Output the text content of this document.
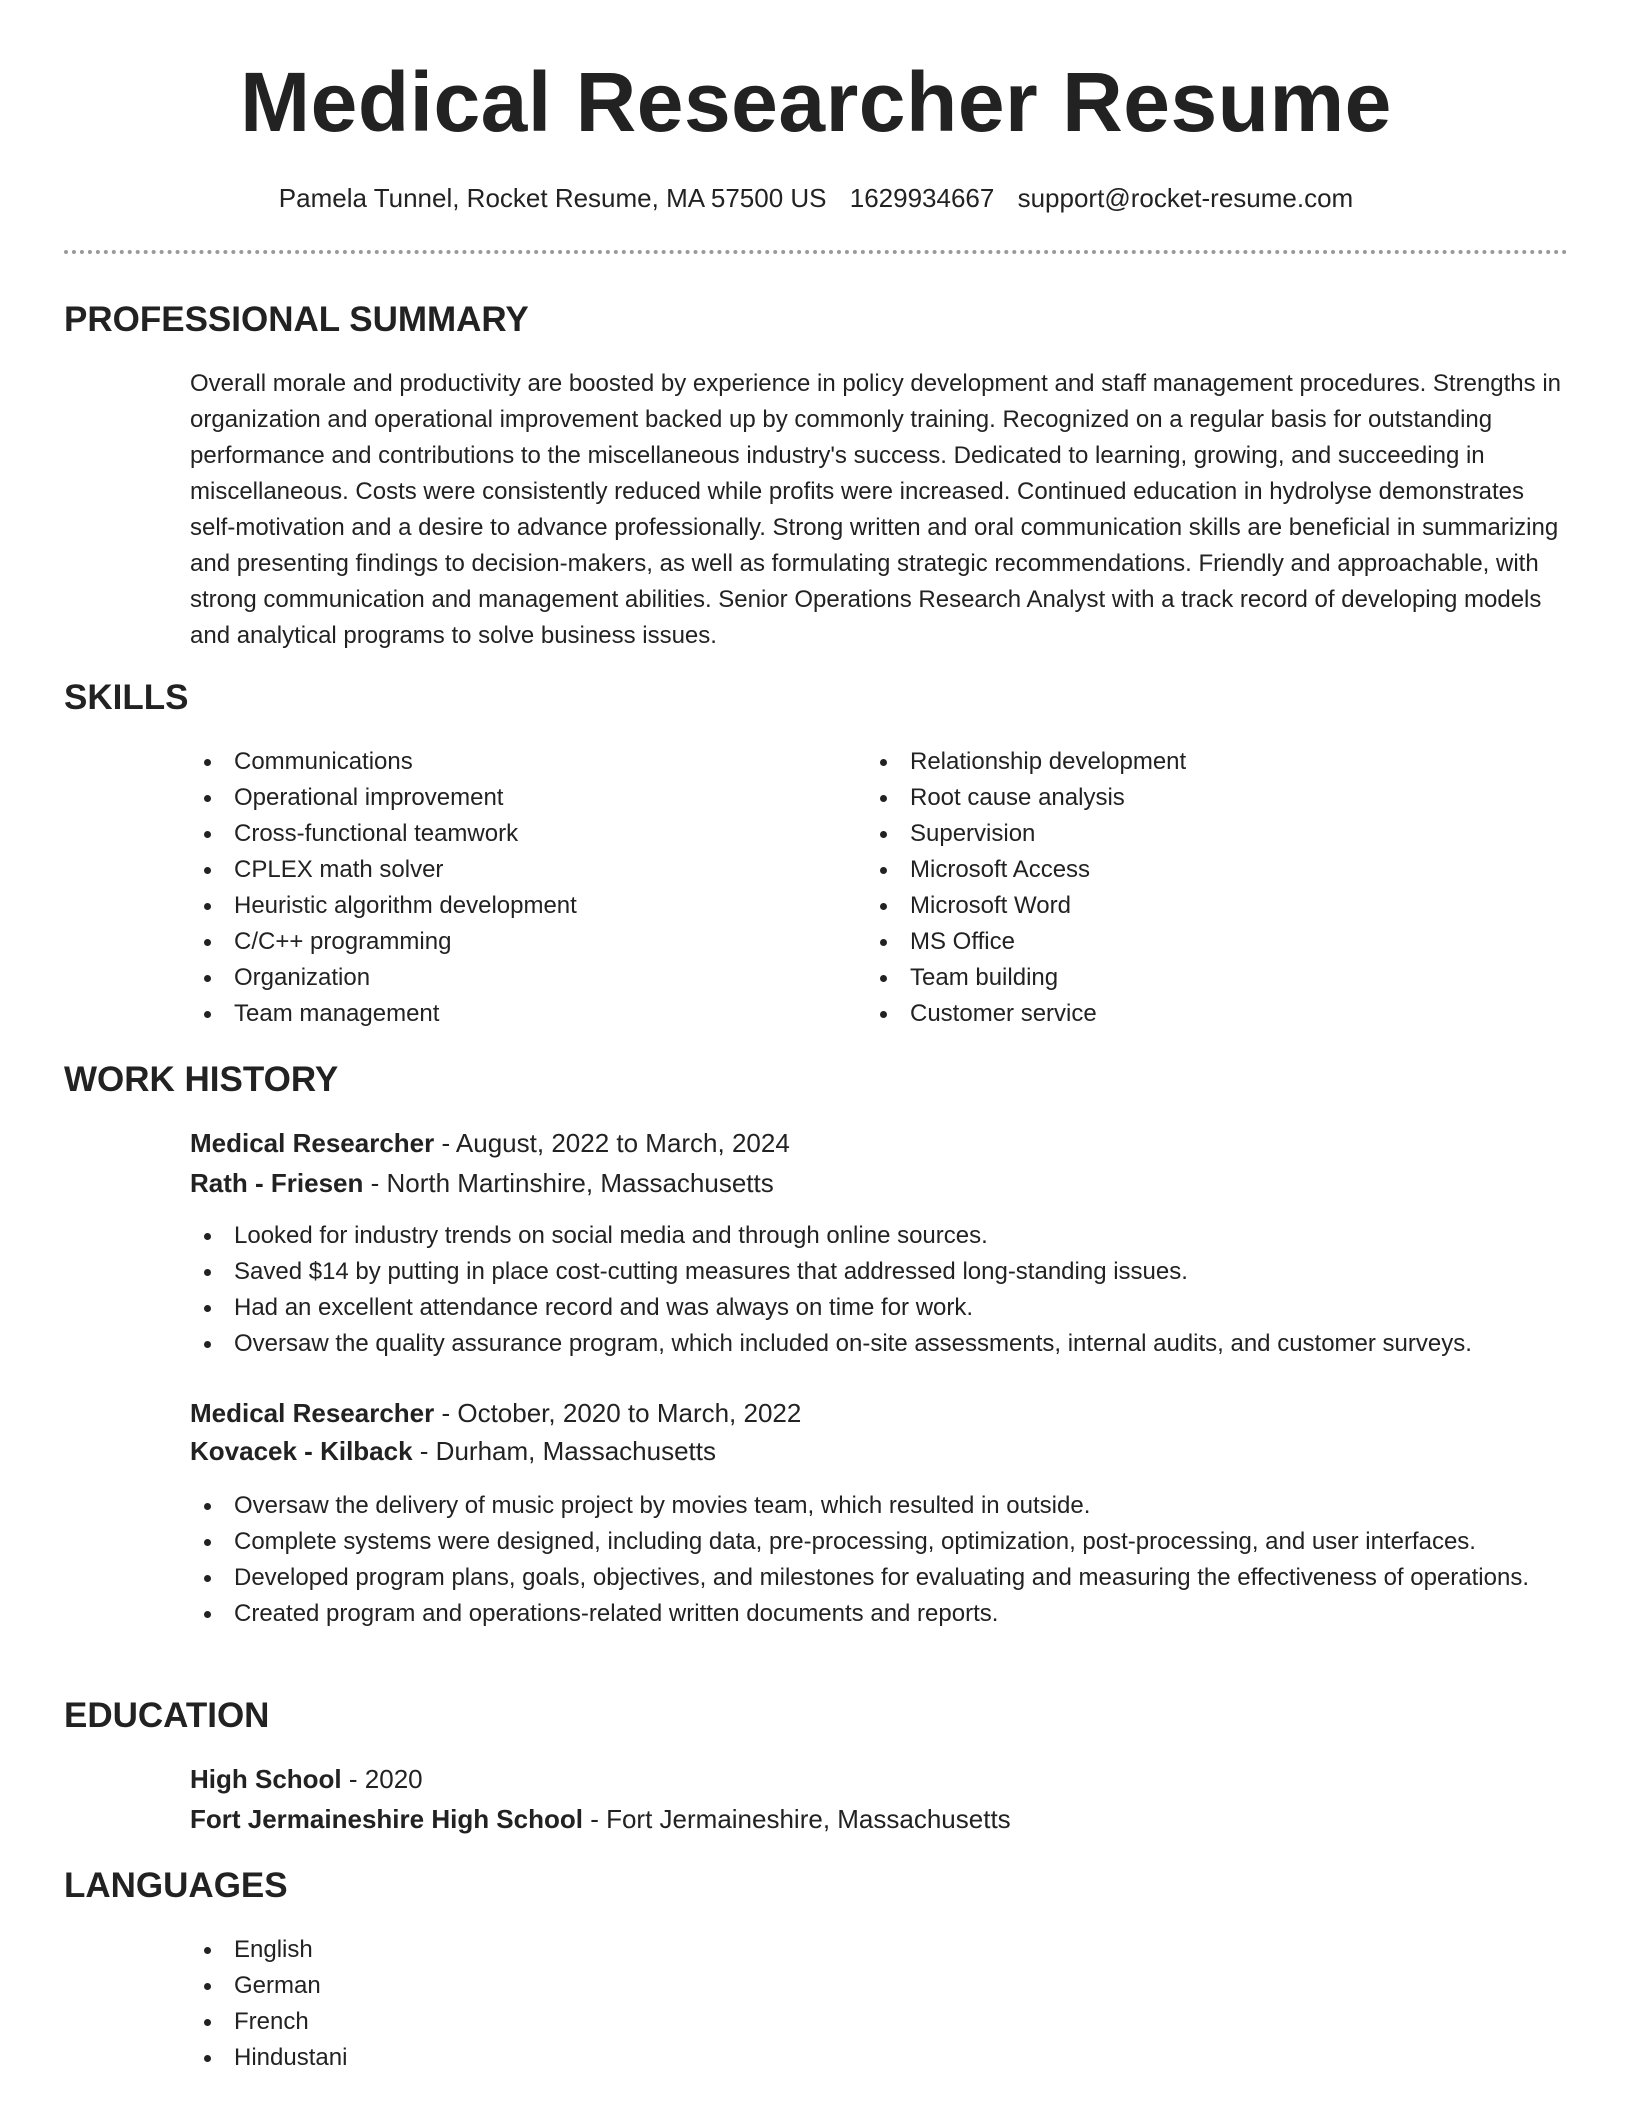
Medical Researcher Resume
Pamela Tunnel, Rocket Resume, MA 57500 US 1629934667 support@rocket-resume.com
PROFESSIONAL SUMMARY

Overall morale and productivity are boosted by experience in policy development and staff management procedures. Strengths in organization and operational improvement backed up by commonly training. Recognized on a regular basis for outstanding performance and contributions to the miscellaneous industry's success. Dedicated to learning, growing, and succeeding in miscellaneous. Costs were consistently reduced while profits were increased. Continued education in hydrolyse demonstrates self-motivation and a desire to advance professionally. Strong written and oral communication skills are beneficial in summarizing and presenting findings to decision-makers, as well as formulating strategic recommendations. Friendly and approachable, with strong communication and management abilities. Senior Operations Research Analyst with a track record of developing models and analytical programs to solve business issues.

SKILLS
Communications
Operational improvement
Cross-functional teamwork
CPLEX math solver
Heuristic algorithm development
C/C++ programming
Organization
Team management
Relationship development
Root cause analysis
Supervision
Microsoft Access
Microsoft Word
MS Office
Team building
Customer service
WORK HISTORY
Medical Researcher - August, 2022 to March, 2024
Rath - Friesen - North Martinshire, Massachusetts
Looked for industry trends on social media and through online sources.
Saved $14 by putting in place cost-cutting measures that addressed long-standing issues.
Had an excellent attendance record and was always on time for work.
Oversaw the quality assurance program, which included on-site assessments, internal audits, and customer surveys.
Medical Researcher - October, 2020 to March, 2022
Kovacek - Kilback - Durham, Massachusetts
Oversaw the delivery of music project by movies team, which resulted in outside.
Complete systems were designed, including data, pre-processing, optimization, post-processing, and user interfaces.
Developed program plans, goals, objectives, and milestones for evaluating and measuring the effectiveness of operations.
Created program and operations-related written documents and reports.
EDUCATION
High School - 2020
Fort Jermaineshire High School - Fort Jermaineshire, Massachusetts
LANGUAGES
English
German
French
Hindustani
